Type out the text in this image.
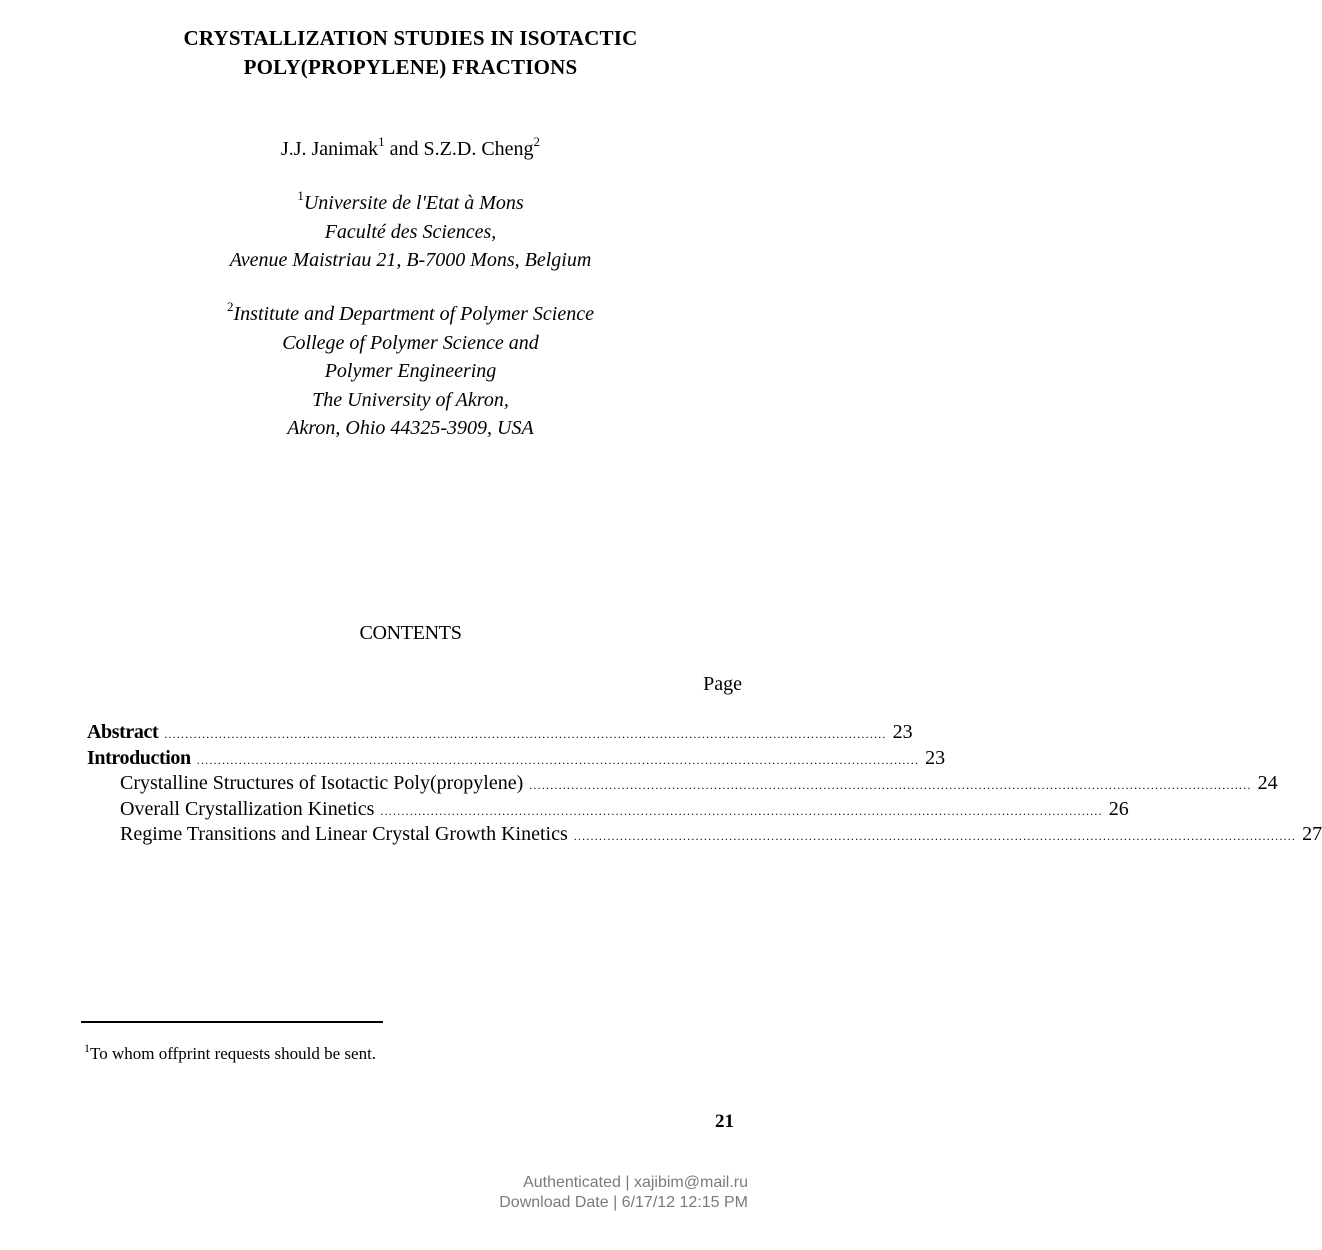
CRYSTALLIZATION STUDIES IN ISOTACTIC
POLY(PROPYLENE) FRACTIONS
J.J. Janimak$^1$ and S.Z.D. Cheng$^2$
$^1$Universite de l'Etat à Mons
Faculté des Sciences,
Avenue Maistriau 21, B-7000 Mons, Belgium
$^2$Institute and Department of Polymer Science
College of Polymer Science and
Polymer Engineering
The University of Akron,
Akron, Ohio 44325-3909, USA
CONTENTS
Page
Abstract ............................................................................................................................................................................ 23
Introduction ............................................................................................................................................................................ 23
Crystalline Structures of Isotactic Poly(propylene) ............................................................................................................................................................................ 24
Overall Crystallization Kinetics ............................................................................................................................................................................ 26
Regime Transitions and Linear Crystal Growth Kinetics ............................................................................................................................................................................ 27
$^1$To whom offprint requests should be sent.
21
Authenticated | xajibim@mail.ru
Download Date | 6/17/12 12:15 PM
